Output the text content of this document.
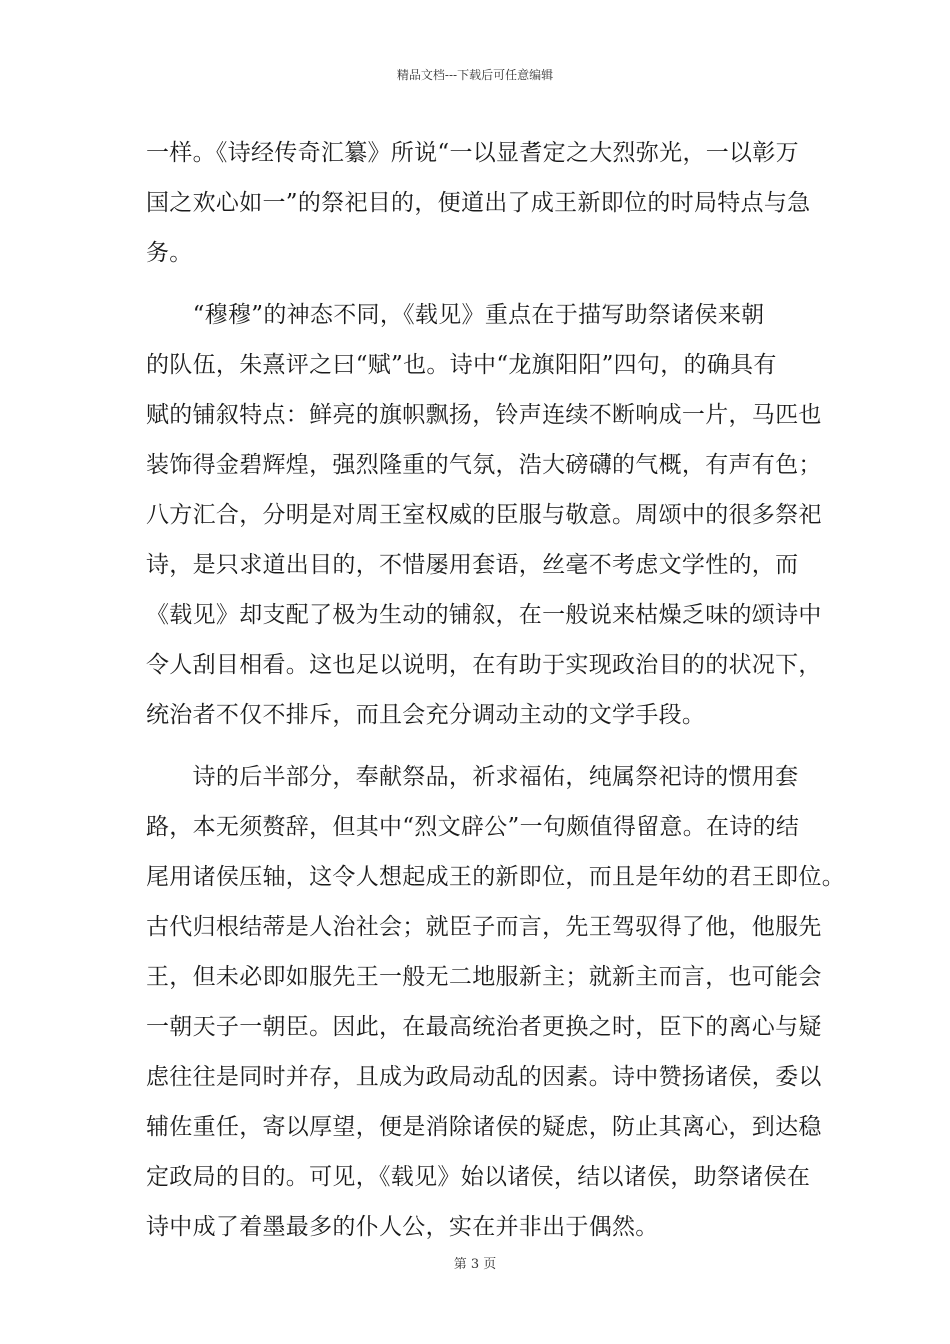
精品文档---下载后可任意编辑
一样。《诗经传奇汇纂》所说“一以显耆定之大烈弥光，一以彰万
国之欢心如一”的祭祀目的，便道出了成王新即位的时局特点与急
务。
　　“穆穆”的神态不同，《载见》重点在于描写助祭诸侯来朝
的队伍，朱熹评之曰“赋”也。诗中“龙旗阳阳”四句，的确具有
赋的铺叙特点：鲜亮的旗帜飘扬，铃声连续不断响成一片，马匹也
装饰得金碧辉煌，强烈隆重的气氛，浩大磅礴的气概，有声有色；
八方汇合，分明是对周王室权威的臣服与敬意。周颂中的很多祭祀
诗，是只求道出目的，不惜屡用套语，丝毫不考虑文学性的，而
《载见》却支配了极为生动的铺叙，在一般说来枯燥乏味的颂诗中
令人刮目相看。这也足以说明，在有助于实现政治目的的状况下，
统治者不仅不排斥，而且会充分调动主动的文学手段。
　　诗的后半部分，奉献祭品，祈求福佑，纯属祭祀诗的惯用套
路，本无须赘辞，但其中“烈文辟公”一句颇值得留意。在诗的结
尾用诸侯压轴，这令人想起成王的新即位，而且是年幼的君王即位。
古代归根结蒂是人治社会；就臣子而言，先王驾驭得了他，他服先
王，但未必即如服先王一般无二地服新主；就新主而言，也可能会
一朝天子一朝臣。因此，在最高统治者更换之时，臣下的离心与疑
虑往往是同时并存，且成为政局动乱的因素。诗中赞扬诸侯，委以
辅佐重任，寄以厚望，便是消除诸侯的疑虑，防止其离心，到达稳
定政局的目的。可见，《载见》始以诸侯，结以诸侯，助祭诸侯在
诗中成了着墨最多的仆人公，实在并非出于偶然。
第 3 页
